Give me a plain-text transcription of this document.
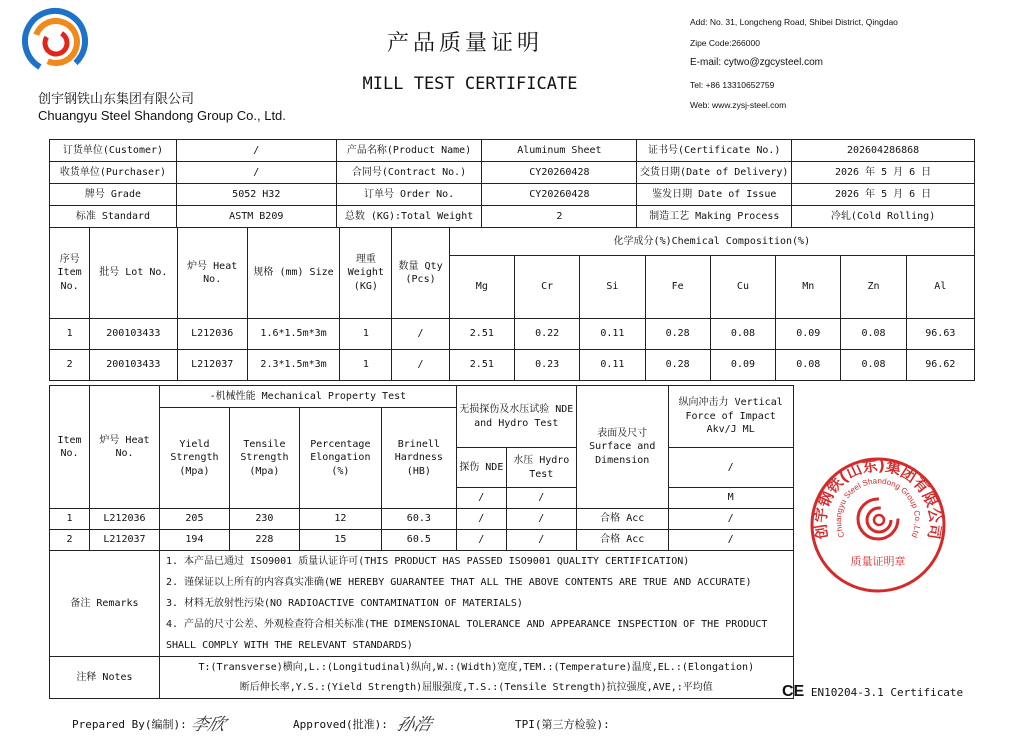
创宇钢铁山东集团有限公司
Chuangyu Steel Shandong Group Co., Ltd.
产品质量证明
MILL TEST CERTIFICATE
Add: No. 31, Longcheng Road, Shibei District, Qingdao
Zipe Code:266000
E-mail: cytwo@zgcysteel.com
Tel: +86 13310652759
Web: www.zysj-steel.com
订货单位(Customer)	/	产品名称(Product Name)	Aluminum Sheet	证书号(Certificate No.)	202604286868
收货单位(Purchaser)	/	合同号(Contract No.)	CY20260428	交货日期(Date of Delivery)	2026 年 5 月 6 日
牌号 Grade	5052 H32	订单号 Order No.	CY20260428	鉴发日期 Date of Issue	2026 年 5 月 6 日
标准 Standard	ASTM B209	总数 (KG):Total Weight	2	制造工艺 Making Process	冷轧(Cold Rolling)
序号 Item No.	批号 Lot No.	炉号 Heat No.	规格 (mm) Size	理重 Weight (KG)	数量 Qty (Pcs)	化学成分(%)Chemical Composition(%)							
						Mg	Cr	Si	Fe	Cu	Mn	Zn	Al
1	200103433	L212036	1.6*1.5m*3m	1	/	2.51	0.22	0.11	0.28	0.08	0.09	0.08	96.63
2	200103433	L212037	2.3*1.5m*3m	1	/	2.51	0.23	0.11	0.28	0.09	0.08	0.08	96.62
Item No.	炉号 Heat No.	-机械性能 Mechanical Property Test				无损探伤及水压试验 NDE and Hydro Test		表面及尺寸 Surface and Dimension	纵向冲击力 Vertical Force of Impact Akv/J ML	
		Yield Strength (Mpa)	Tensile Strength (Mpa)	Percentage Elongation (%)	Brinell Hardness (HB)					
						探伤 NDE	水压 Hydro Test		/	
						/	/		M	
1	L212036	205	230	12	60.3	/	/	合格 Acc	/	
2	L212037	194	228	15	60.5	/	/	合格 Acc	/	
备注 Remarks		1. 本产品已通过 ISO9001 质量认证许可(THIS PRODUCT HAS PASSED ISO9001 QUALITY CERTIFICATION)
2. 谨保证以上所有的内容真实准确(WE HEREBY GUARANTEE THAT ALL THE ABOVE CONTENTS ARE TRUE AND ACCURATE)
3. 材料无放射性污染(NO RADIOACTIVE CONTAMINATION OF MATERIALS)
4. 产品的尺寸公差、外观检查符合相关标准(THE DIMENSIONAL TOLERANCE AND APPEARANCE INSPECTION OF THE PRODUCT
SHALL COMPLY WITH THE RELEVANT STANDARDS)								

注释 Notes		T:(Transverse)横向,L.:(Longitudinal)纵向,W.:(Width)宽度,TEM.:(Temperature)温度,EL.:(Elongation)
断后伸长率,Y.S.:(Yield Strength)屈服强度,T.S.:(Tensile Strength)抗拉强度,AVE,:平均值								
创宇钢铁(山东)集团有限公司
Chuangyu Steel Shandong Group Co.,Ltd
质量证明章
CE EN10204-3.1 Certificate
Prepared By(编制): 李欣	Approved(批准): 孙浩	TPI(第三方检验):
